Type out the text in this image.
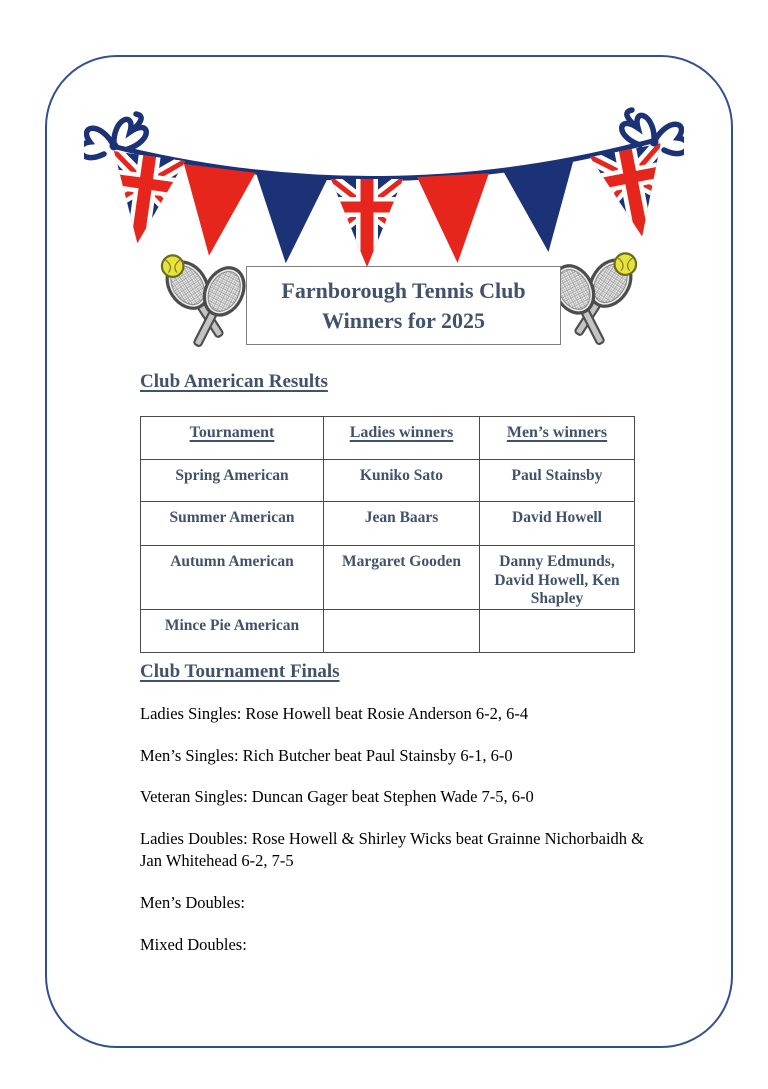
Farnborough Tennis Club
Winners for 2025
Club American Results
Tournament	Ladies winners	Men’s winners
Spring American	Kuniko Sato	Paul Stainsby
Summer American	Jean Baars	David Howell
Autumn American	Margaret Gooden	Danny Edmunds, David Howell, Ken Shapley
Mince Pie American		
Club Tournament Finals

Ladies Singles: Rose Howell beat Rosie Anderson 6-2, 6-4

Men’s Singles: Rich Butcher beat Paul Stainsby 6-1, 6-0

Veteran Singles: Duncan Gager beat Stephen Wade 7-5, 6-0

Ladies Doubles: Rose Howell & Shirley Wicks beat Grainne Nichorbaidh & Jan Whitehead 6-2, 7-5

Men’s Doubles:

Mixed Doubles:
